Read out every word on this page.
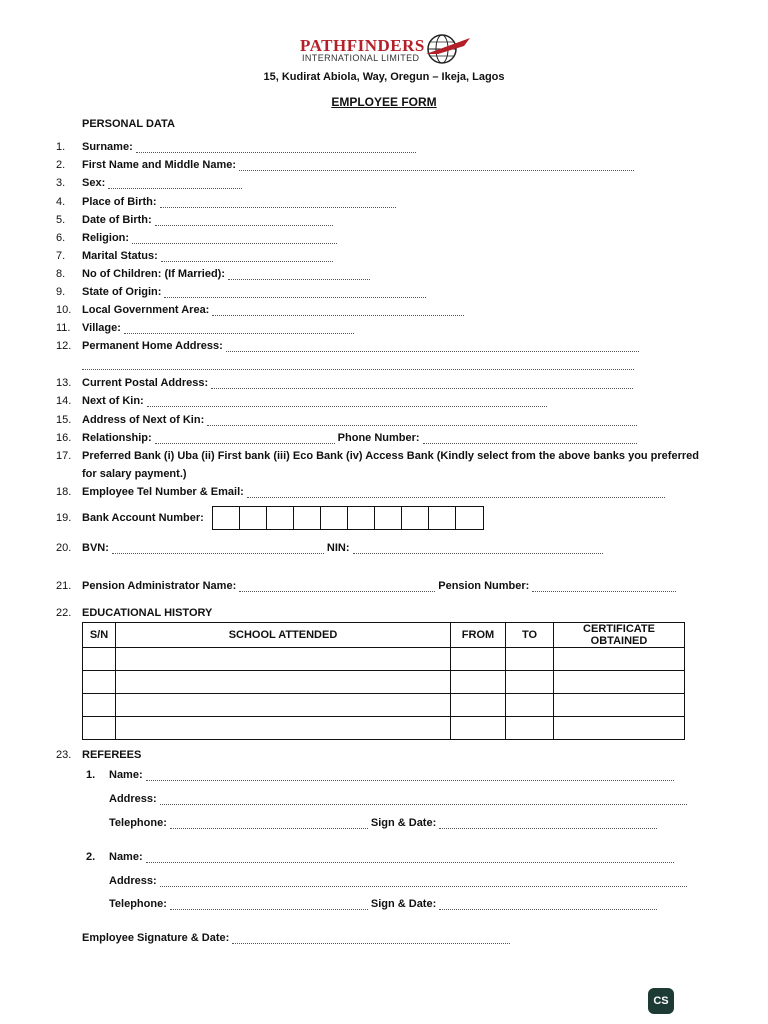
PATHFINDERS
INTERNATIONAL LIMITED
15, Kudirat Abiola, Way, Oregun – Ikeja, Lagos
EMPLOYEE FORM
PERSONAL DATA
1.	Surname:
2.	First Name and Middle Name:
3.	Sex:
4.	Place of Birth:
5.	Date of Birth:
6.	Religion:
7.	Marital Status:
8.	No of Children: (If Married):
9.	State of Origin:
10. Local Government Area:
11.	Village:
12. Permanent Home Address:
13. Current Postal Address:
14. Next of Kin:
15. Address of Next of Kin:
16. Relationship:	Phone Number:
17. Preferred Bank (i) Uba (ii) First bank (iii) Eco Bank (iv) Access Bank (Kindly select from the above banks you preferred
for salary payment.)
18. Employee Tel Number & Email:
19. Bank Account Number:
20. BVN:	NIN:
21. Pension Administrator Name:	Pension Number:
22. EDUCATIONAL HISTORY
S/N	SCHOOL ATTENDED	FROM	TO	CERTIFICATE OBTAINED

23. REFEREES
1.	Name:
Address:
Telephone:	Sign & Date:
2.	Name:
Address:
Telephone:	Sign & Date:
Employee Signature & Date:
CS
